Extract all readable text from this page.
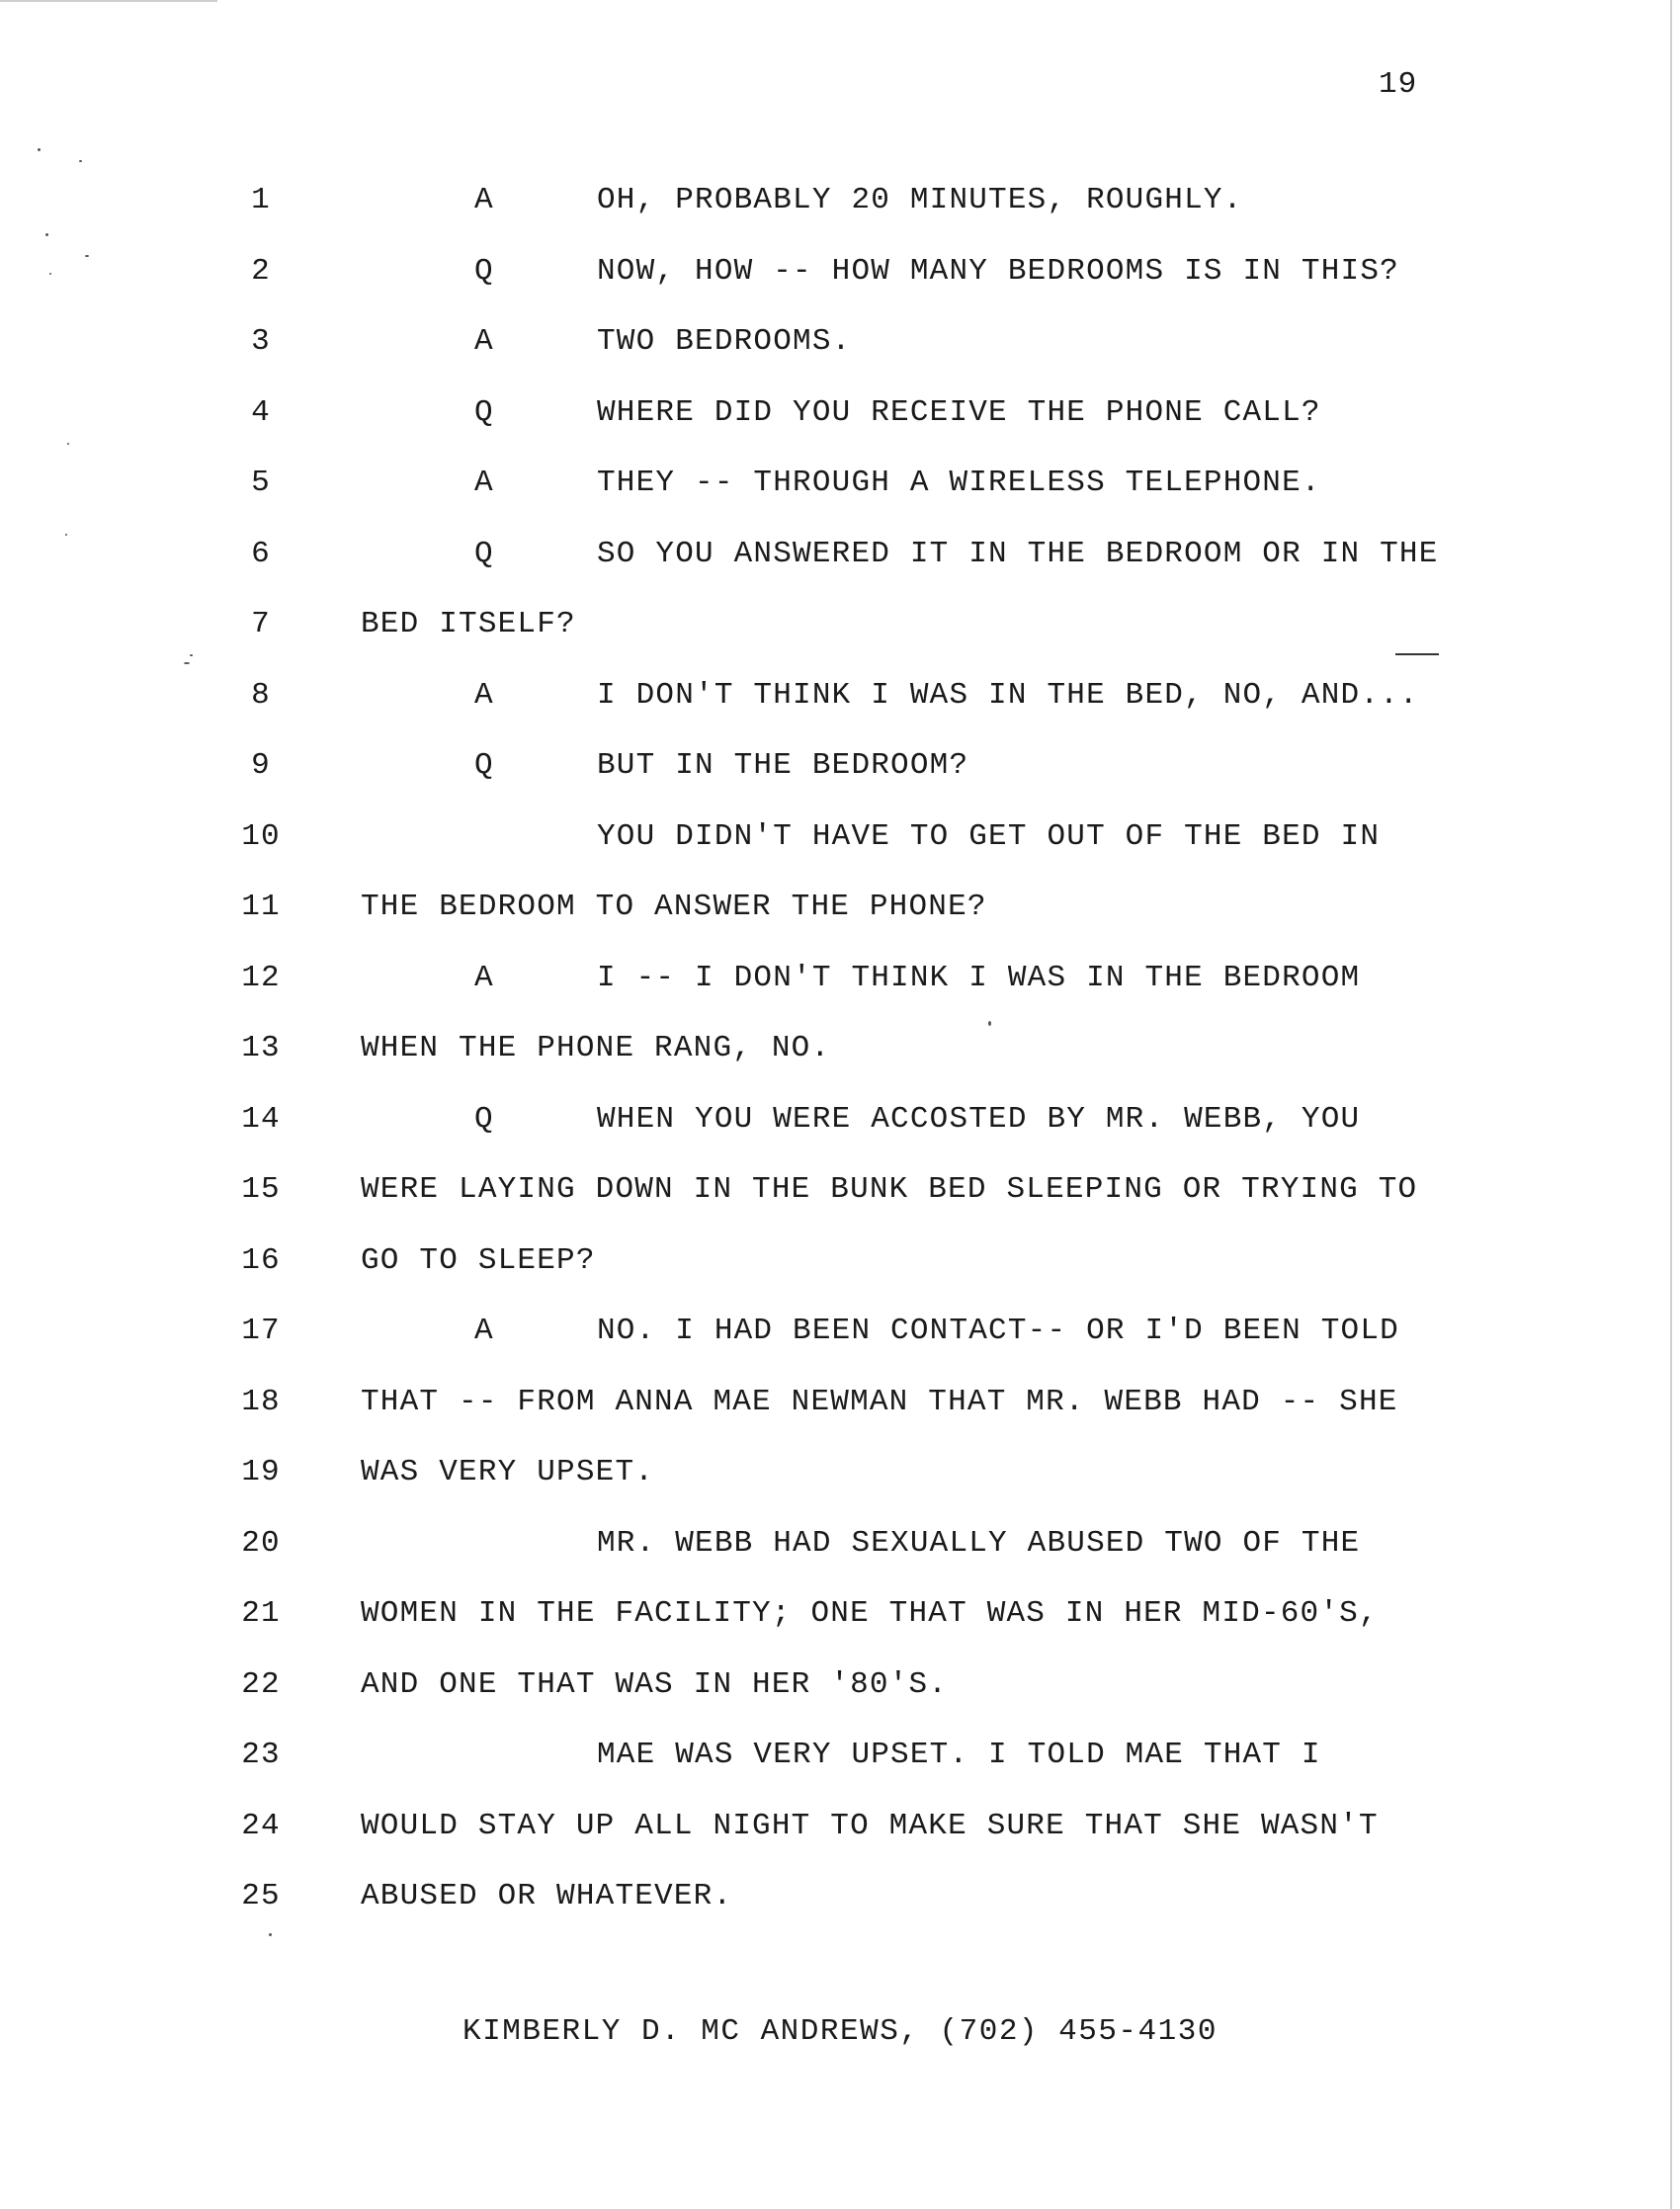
19
1	A	OH, PROBABLY 20 MINUTES, ROUGHLY.
2	Q	NOW, HOW -- HOW MANY BEDROOMS IS IN THIS?
3	A	TWO BEDROOMS.
4	Q	WHERE DID YOU RECEIVE THE PHONE CALL?
5	A	THEY -- THROUGH A WIRELESS TELEPHONE.
6	Q	SO YOU ANSWERED IT IN THE BEDROOM OR IN THE
7	BED ITSELF?
8	A	I DON'T THINK I WAS IN THE BED, NO, AND...
9	Q	BUT IN THE BEDROOM?
10	YOU DIDN'T HAVE TO GET OUT OF THE BED IN
11	THE BEDROOM TO ANSWER THE PHONE?
12	A	I -- I DON'T THINK I WAS IN THE BEDROOM
13	WHEN THE PHONE RANG, NO.
14	Q	WHEN YOU WERE ACCOSTED BY MR. WEBB, YOU
15	WERE LAYING DOWN IN THE BUNK BED SLEEPING OR TRYING TO
16	GO TO SLEEP?
17	A	NO. I HAD BEEN CONTACT-- OR I'D BEEN TOLD
18	THAT -- FROM ANNA MAE NEWMAN THAT MR. WEBB HAD -- SHE
19	WAS VERY UPSET.
20	MR. WEBB HAD SEXUALLY ABUSED TWO OF THE
21	WOMEN IN THE FACILITY; ONE THAT WAS IN HER MID-60'S,
22	AND ONE THAT WAS IN HER '80'S.
23	MAE WAS VERY UPSET. I TOLD MAE THAT I
24	WOULD STAY UP ALL NIGHT TO MAKE SURE THAT SHE WASN'T
25	ABUSED OR WHATEVER.
KIMBERLY D. MC ANDREWS, (702) 455-4130
